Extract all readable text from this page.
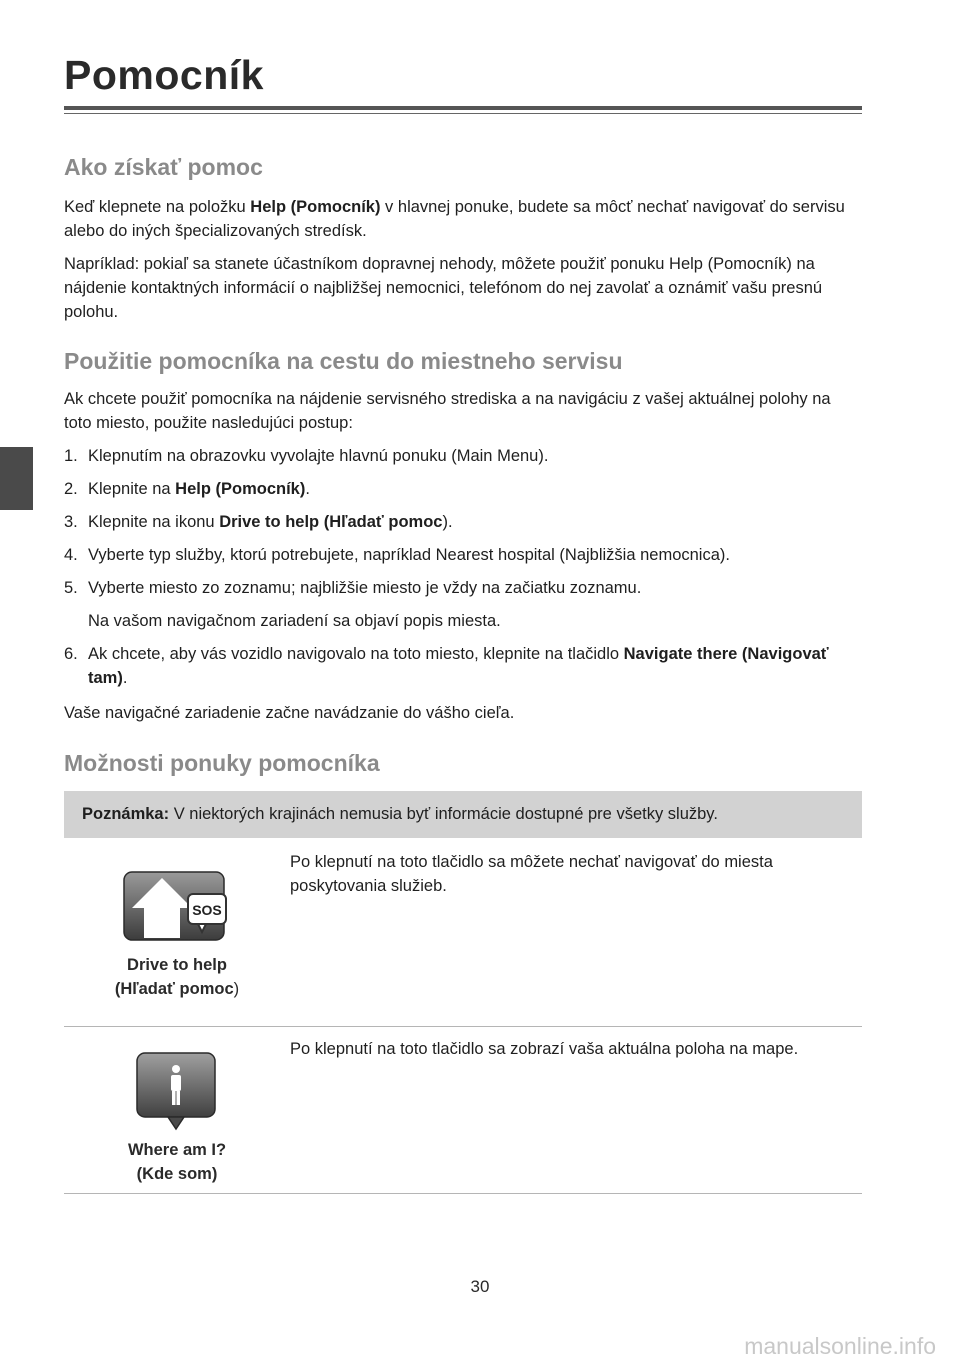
Pomocník
Ako získať pomoc

Keď klepnete na položku Help (Pomocník) v hlavnej ponuke, budete sa môcť nechať navigovať do servisu alebo do iných špecializovaných stredísk.

Napríklad: pokiaľ sa stanete účastníkom dopravnej nehody, môžete použiť ponuku Help (Pomocník) na nájdenie kontaktných informácií o najbližšej nemocnici, telefónom do nej zavolať a oznámiť vašu presnú polohu.

Použitie pomocníka na cestu do miestneho servisu

Ak chcete použiť pomocníka na nájdenie servisného strediska a na navigáciu z vašej aktuálnej polohy na toto miesto, použite nasledujúci postup:

1. Klepnutím na obrazovku vyvolajte hlavnú ponuku (Main Menu).
2. Klepnite na Help (Pomocník).
3. Klepnite na ikonu Drive to help (Hľadať pomoc).
4. Vyberte typ služby, ktorú potrebujete, napríklad Nearest hospital (Najbližšia nemocnica).
5. Vyberte miesto zo zoznamu; najbližšie miesto je vždy na začiatku zoznamu.
Na vašom navigačnom zariadení sa objaví popis miesta.
6. Ak chcete, aby vás vozidlo navigovalo na toto miesto, klepnite na tlačidlo Navigate there (Navigovať tam).

Vaše navigačné zariadenie začne navádzanie do vášho cieľa.

Možnosti ponuky pomocníka
Poznámka: V niektorých krajinách nemusia byť informácie dostupné pre všetky služby.
SOS
Drive to help
(Hľadať pomoc)	Po klepnutí na toto tlačidlo sa môžete nechať navigovať do miesta poskytovania služieb.

Where am I?
(Kde som)	Po klepnutí na toto tlačidlo sa zobrazí vaša aktuálna poloha na mape.
30
manualsonline.info
